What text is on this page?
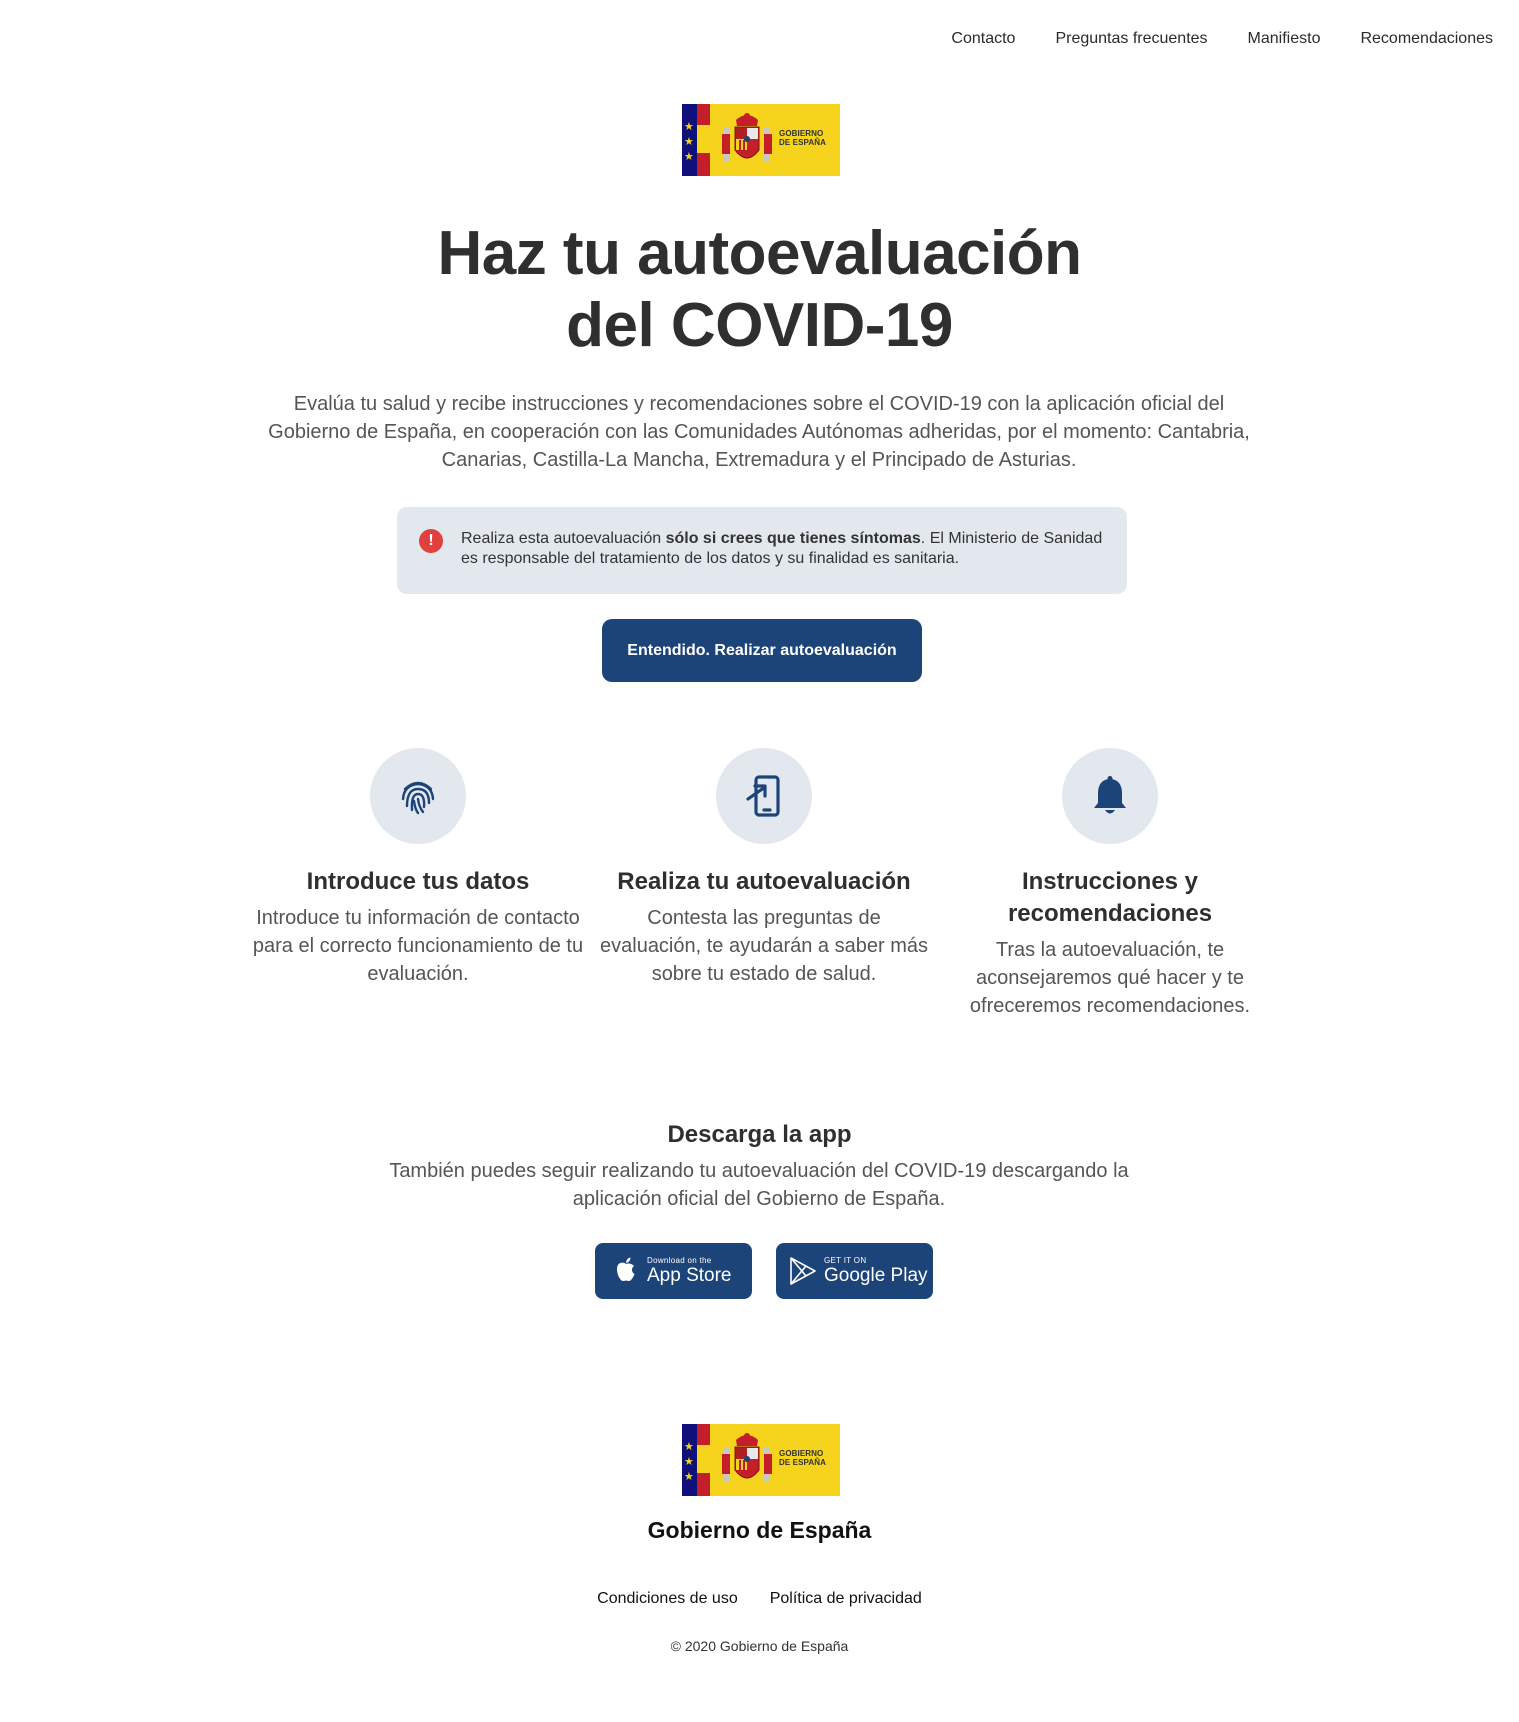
Contacto	Preguntas frecuentes	Manifiesto	Recomendaciones
★
★
★
GOBIERNO
DE ESPAÑA
Haz tu autoevaluación
del COVID-19

Evalúa tu salud y recibe instrucciones y recomendaciones sobre el COVID-19 con la aplicación oficial del Gobierno de España, en cooperación con las Comunidades Autónomas adheridas, por el momento: Cantabria, Canarias, Castilla-La Mancha, Extremadura y el Principado de Asturias.

!	Realiza esta autoevaluación sólo si crees que tienes síntomas. El Ministerio de Sanidad es responsable del tratamiento de los datos y su finalidad es sanitaria.
Entendido. Realizar autoevaluación
Introduce tus datos

Introduce tu información de contacto para el correcto funcionamiento de tu evaluación.

Realiza tu autoevaluación

Contesta las preguntas de evaluación, te ayudarán a saber más sobre tu estado de salud.

Instrucciones y recomendaciones

Tras la autoevaluación, te aconsejaremos qué hacer y te ofreceremos recomendaciones.

Descarga la app

También puedes seguir realizando tu autoevaluación del COVID-19 descargando la aplicación oficial del Gobierno de España.

Download on the
App Store
GET IT ON
Google Play
★
★
★
GOBIERNO
DE ESPAÑA
Gobierno de España
Condiciones de uso Política de privacidad

© 2020 Gobierno de España
